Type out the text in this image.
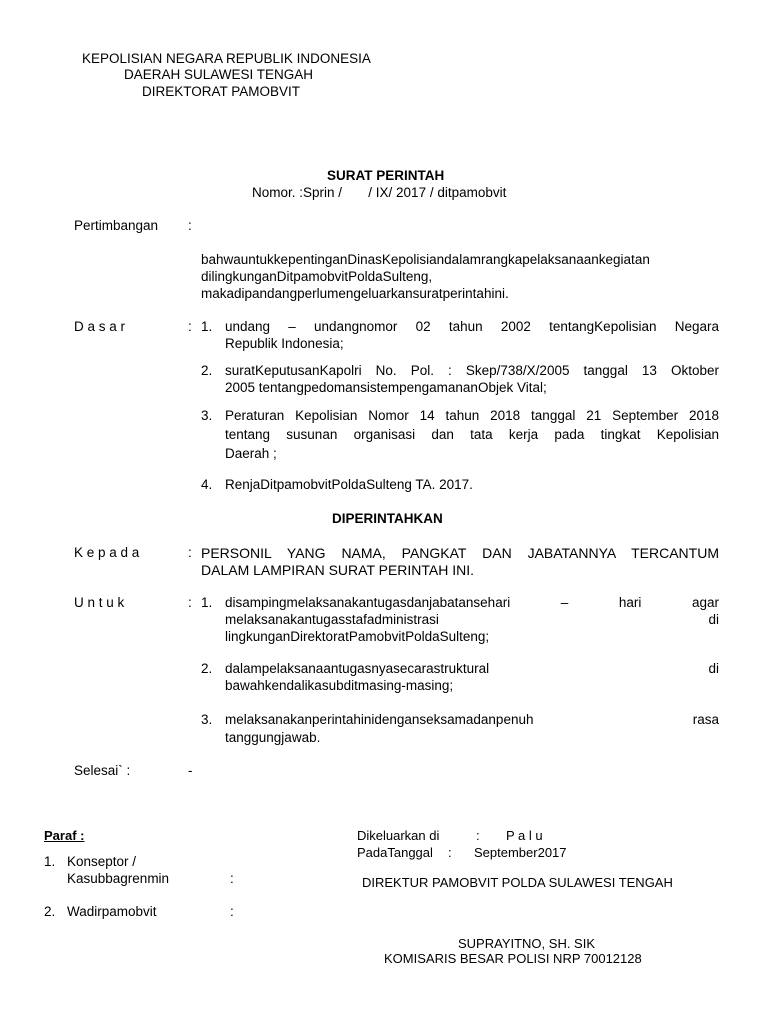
KEPOLISIAN NEGARA REPUBLIK INDONESIA
DAERAH SULAWESI TENGAH
DIREKTORAT PAMOBVIT
SURAT PERINTAH
Nomor. :Sprin /       / IX/ 2017 / ditpamobvit
Pertimbangan :
bahwauntukkepentinganDinasKepolisiandalamrangkapelaksanaankegiatan
dilingkunganDitpamobvitPoldaSulteng,
makadipandangperlumengeluarkansuratperintahini.
D a s a r	: 1. undang – undangnomor 02 tahun 2002 tentangKepolisian Negara
Republik Indonesia;
2. suratKeputusanKapolri No. Pol. : Skep/738/X/2005 tanggal 13 Oktober
2005 tentangpedomansistempengamananObjek Vital;
3. Peraturan Kepolisian Nomor 14 tahun 2018 tanggal 21 September 2018
tentang susunan organisasi dan tata kerja pada tingkat Kepolisian
Daerah ;
4. RenjaDitpamobvitPoldaSulteng TA. 2017.
DIPERINTAHKAN
K e p a d a	: PERSONIL YANG NAMA, PANGKAT DAN JABATANNYA TERCANTUM
DALAM LAMPIRAN SURAT PERINTAH INI.
U n t u k	: 1. disampingmelaksanakantugasdanjabatansehari – hari agar
melaksanakantugasstafadministrasi di
lingkunganDirektoratPamobvitPoldaSulteng;
2. dalampelaksanaantugasnyasecarastruktural di
bawahkendalikasubditmasing-masing;
3. melaksanakanperintahinidenganseksamadanpenuh rasa
tanggungjawab.
Selesai` :	-
Paraf :
1. Konseptor /
Kasubbagrenmin	:
2. Wadirpamobvit	:
Dikeluarkan di	: P a l u
PadaTanggal : September2017
DIREKTUR PAMOBVIT POLDA SULAWESI TENGAH
SUPRAYITNO, SH. SIK
KOMISARIS BESAR POLISI NRP 70012128
